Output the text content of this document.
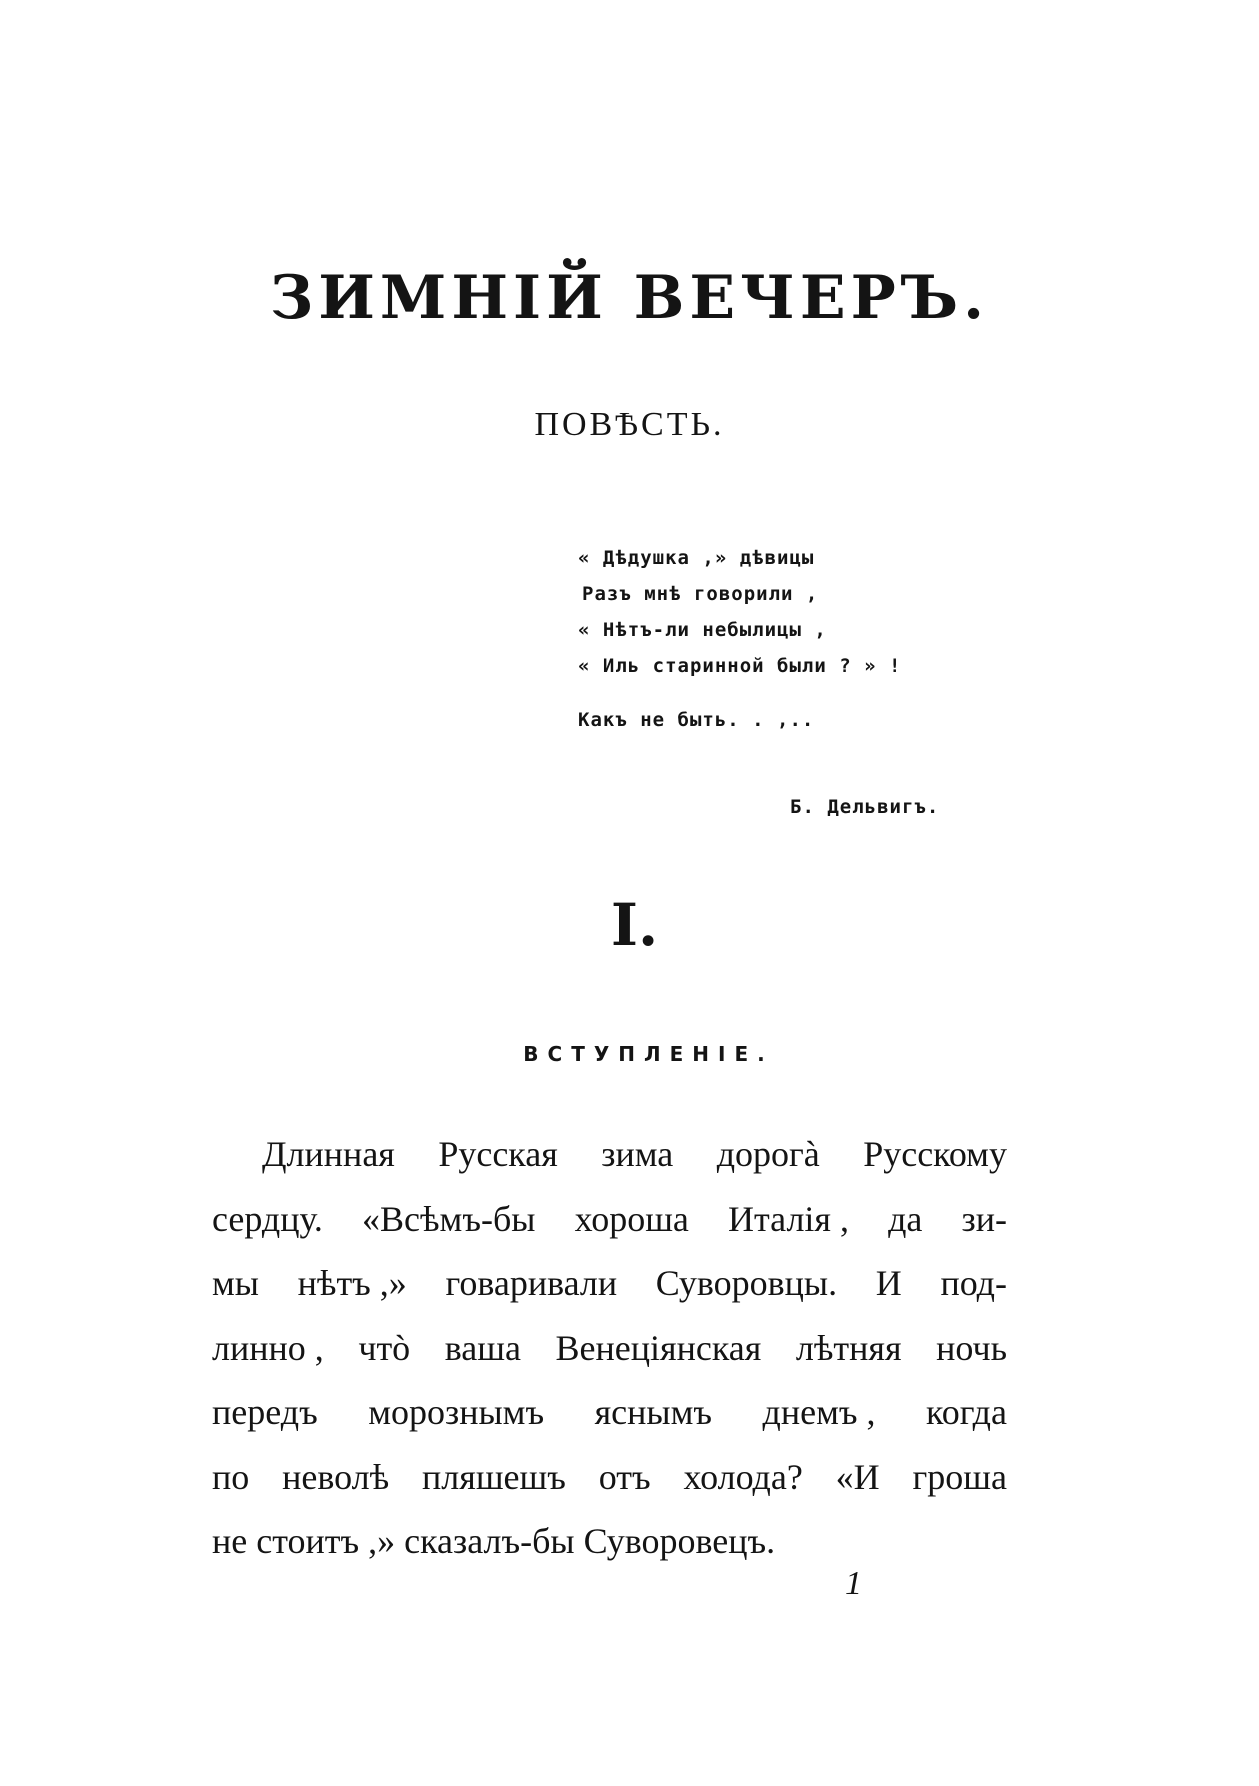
ЗИМНІЙ ВЕЧЕРЪ.
ПОВѢСТЬ.
« Дѣдушка ,» дѣвицы
Разъ мнѣ говорили ,
« Нѣтъ-ли небылицы ,
« Иль старинной были ? » !
Какъ не быть. . ,..
Б. Дельвигъ.
I.
ВСТУПЛЕНІЕ.
Длинная Русская зима дорогà Русскому
сердцу. «Всѣмъ-бы хороша Италія , да зи-
мы нѣтъ ,» говаривали Суворовцы. И под-
линно , чтò ваша Венеціянская лѣтняя ночь
передъ морознымъ яснымъ днемъ , когда
по неволѣ пляшешъ отъ холода? «И гроша
не стоитъ ,» сказалъ-бы Суворовецъ.
1
